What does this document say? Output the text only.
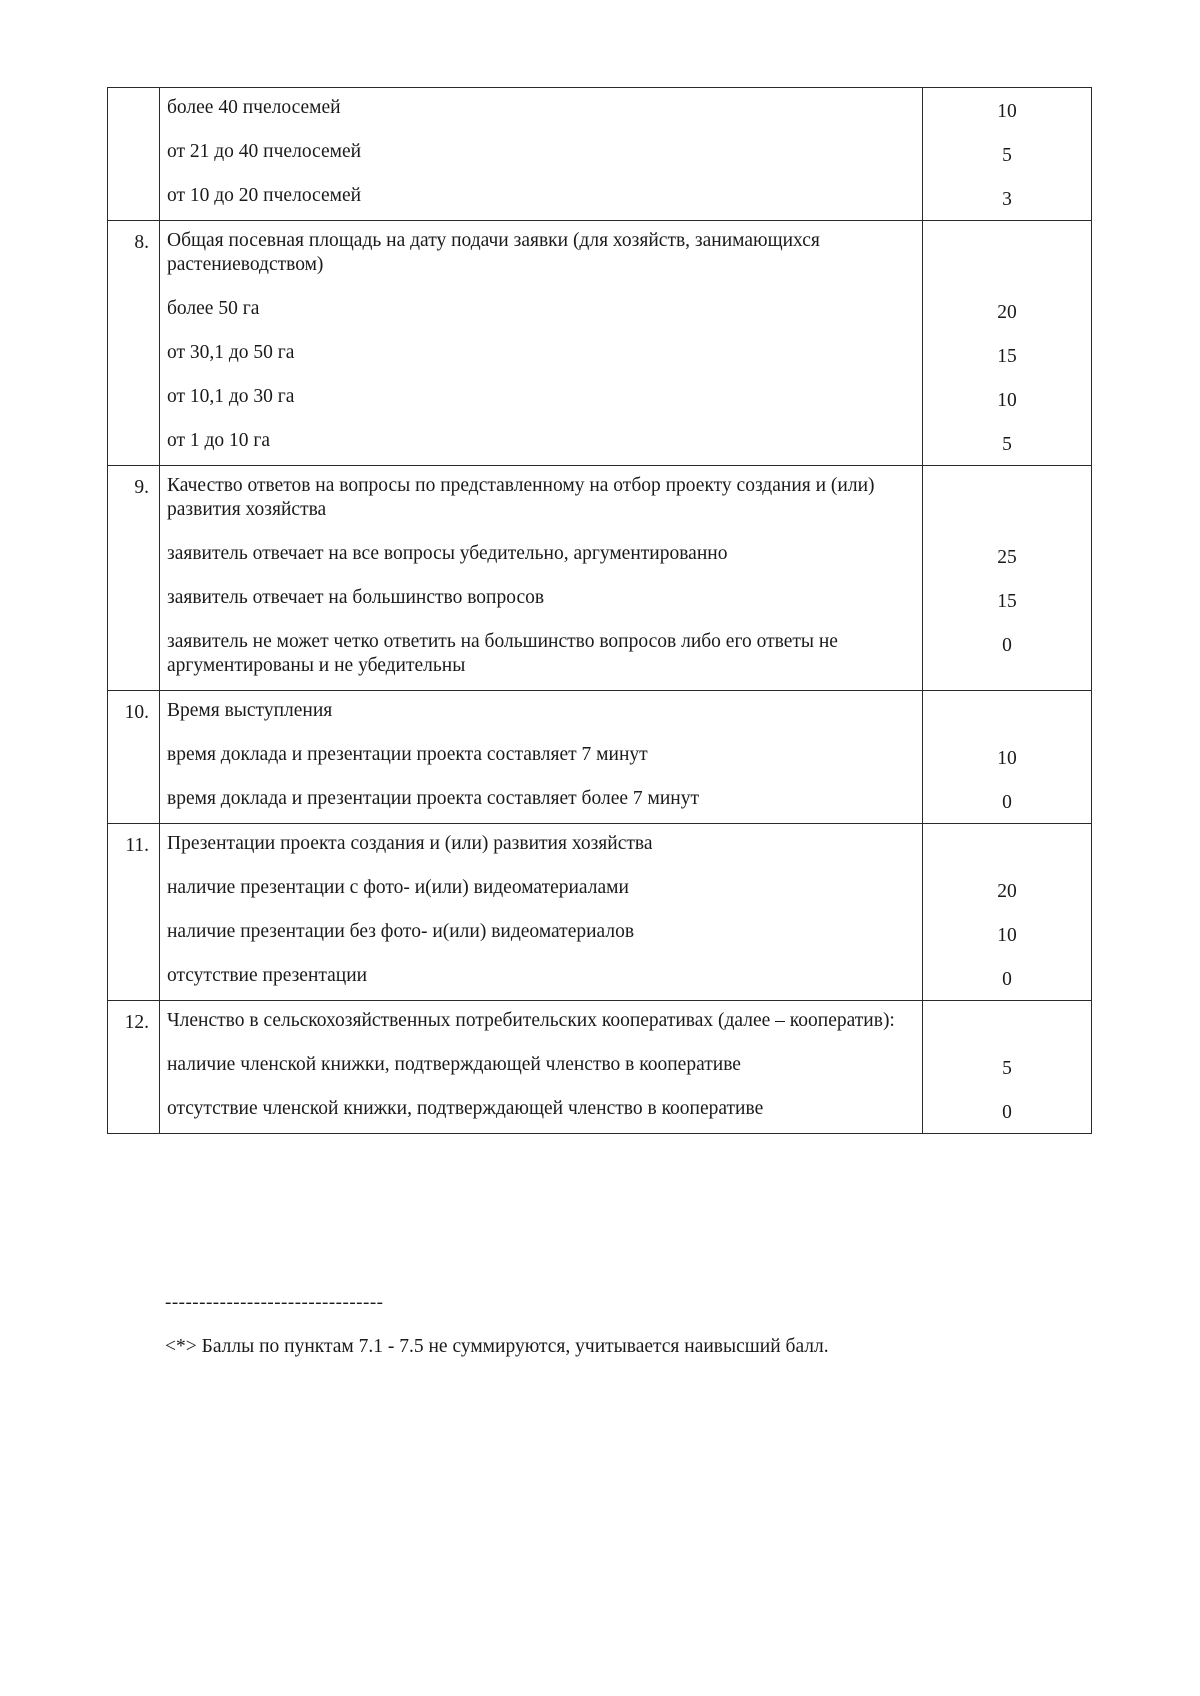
	более 40 пчелосемей	10
	от 21 до 40 пчелосемей	5
	от 10 до 20 пчелосемей	3
8.	Общая посевная площадь на дату подачи заявки (для хозяйств, занимающихся растениеводством)	
	более 50 га	20
	от 30,1 до 50 га	15
	от 10,1 до 30 га	10
	от 1 до 10 га	5
9.	Качество ответов на вопросы по представленному на отбор проекту создания и (или) развития хозяйства	
	заявитель отвечает на все вопросы убедительно, аргументированно	25
	заявитель отвечает на большинство вопросов	15
	заявитель не может четко ответить на большинство вопросов либо его ответы не аргументированы и не убедительны	0
10.	Время выступления	
	время доклада и презентации проекта составляет 7 минут	10
	время доклада и презентации проекта составляет более 7 минут	0
11.	Презентации проекта создания и (или) развития хозяйства	
	наличие презентации с фото- и(или) видеоматериалами	20
	наличие презентации без фото- и(или) видеоматериалов	10
	отсутствие презентации	0
12.	Членство в сельскохозяйственных потребительских кооперативах (далее – кооператив):	
	наличие членской книжки, подтверждающей членство в кооперативе	5
	отсутствие членской книжки, подтверждающей членство в кооперативе	0
--------------------------------
<*> Баллы по пунктам 7.1 - 7.5 не суммируются, учитывается наивысший балл.
